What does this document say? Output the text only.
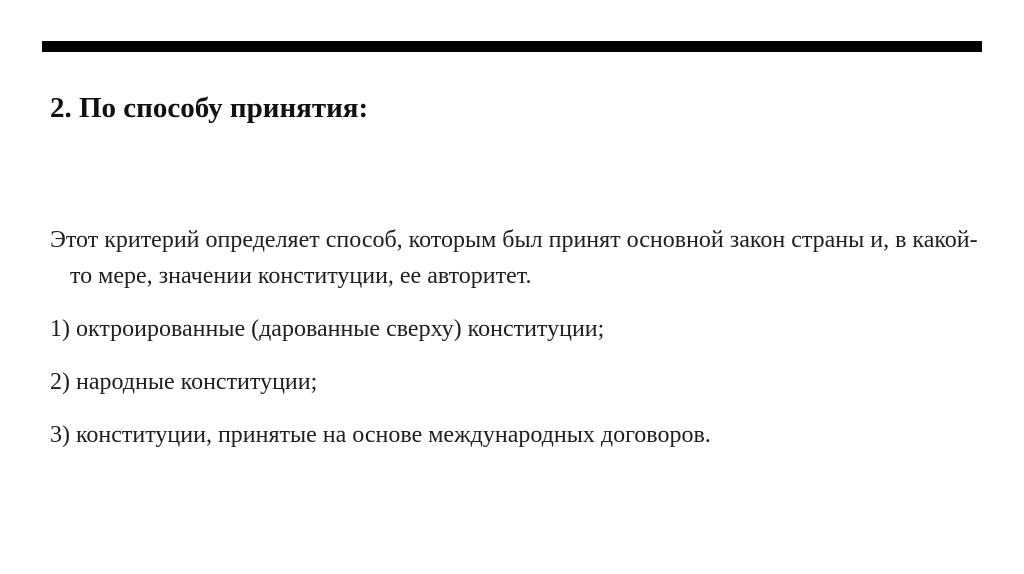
2. По способу принятия:

Этот критерий определяет способ, которым был принят основной закон страны и, в какой-то мере, значении конституции, ее авторитет.

1) октроированные (дарованные сверху) конституции;

2) народные конституции;

3) конституции, принятые на основе международных договоров.
